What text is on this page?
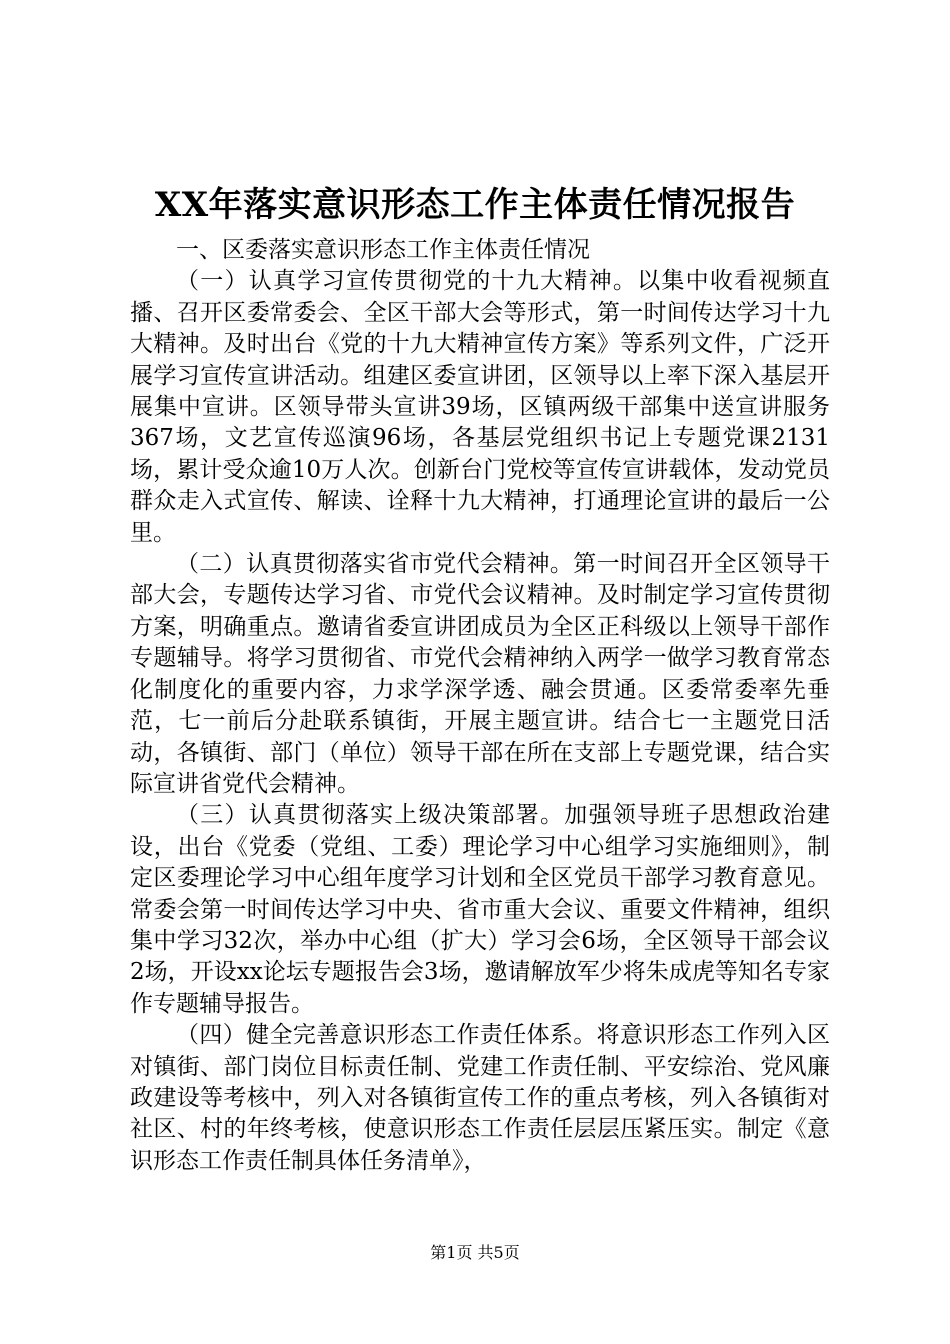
XX年落实意识形态工作主体责任情况报告

一、区委落实意识形态工作主体责任情况

（一）认真学习宣传贯彻党的十九大精神。以集中收看视频直播、召开区委常委会、全区干部大会等形式，第一时间传达学习十九大精神。及时出台《党的十九大精神宣传方案》等系列文件，广泛开展学习宣传宣讲活动。组建区委宣讲团，区领导以上率下深入基层开展集中宣讲。区领导带头宣讲39场，区镇两级干部集中送宣讲服务367场，文艺宣传巡演96场，各基层党组织书记上专题党课2131场，累计受众逾10万人次。创新台门党校等宣传宣讲载体，发动党员群众走入式宣传、解读、诠释十九大精神，打通理论宣讲的最后一公里。

（二）认真贯彻落实省市党代会精神。第一时间召开全区领导干部大会，专题传达学习省、市党代会议精神。及时制定学习宣传贯彻方案，明确重点。邀请省委宣讲团成员为全区正科级以上领导干部作专题辅导。将学习贯彻省、市党代会精神纳入两学一做学习教育常态化制度化的重要内容，力求学深学透、融会贯通。区委常委率先垂范，七一前后分赴联系镇街，开展主题宣讲。结合七一主题党日活动，各镇街、部门（单位）领导干部在所在支部上专题党课，结合实际宣讲省党代会精神。

（三）认真贯彻落实上级决策部署。加强领导班子思想政治建设，出台《党委（党组、工委）理论学习中心组学习实施细则》，制定区委理论学习中心组年度学习计划和全区党员干部学习教育意见。常委会第一时间传达学习中央、省市重大会议、重要文件精神，组织集中学习32次，举办中心组（扩大）学习会6场，全区领导干部会议2场，开设xx论坛专题报告会3场，邀请解放军少将朱成虎等知名专家作专题辅导报告。

（四）健全完善意识形态工作责任体系。将意识形态工作列入区对镇街、部门岗位目标责任制、党建工作责任制、平安综治、党风廉政建设等考核中，列入对各镇街宣传工作的重点考核，列入各镇街对社区、村的年终考核，使意识形态工作责任层层压紧压实。制定《意识形态工作责任制具体任务清单》，

第1页 共5页
